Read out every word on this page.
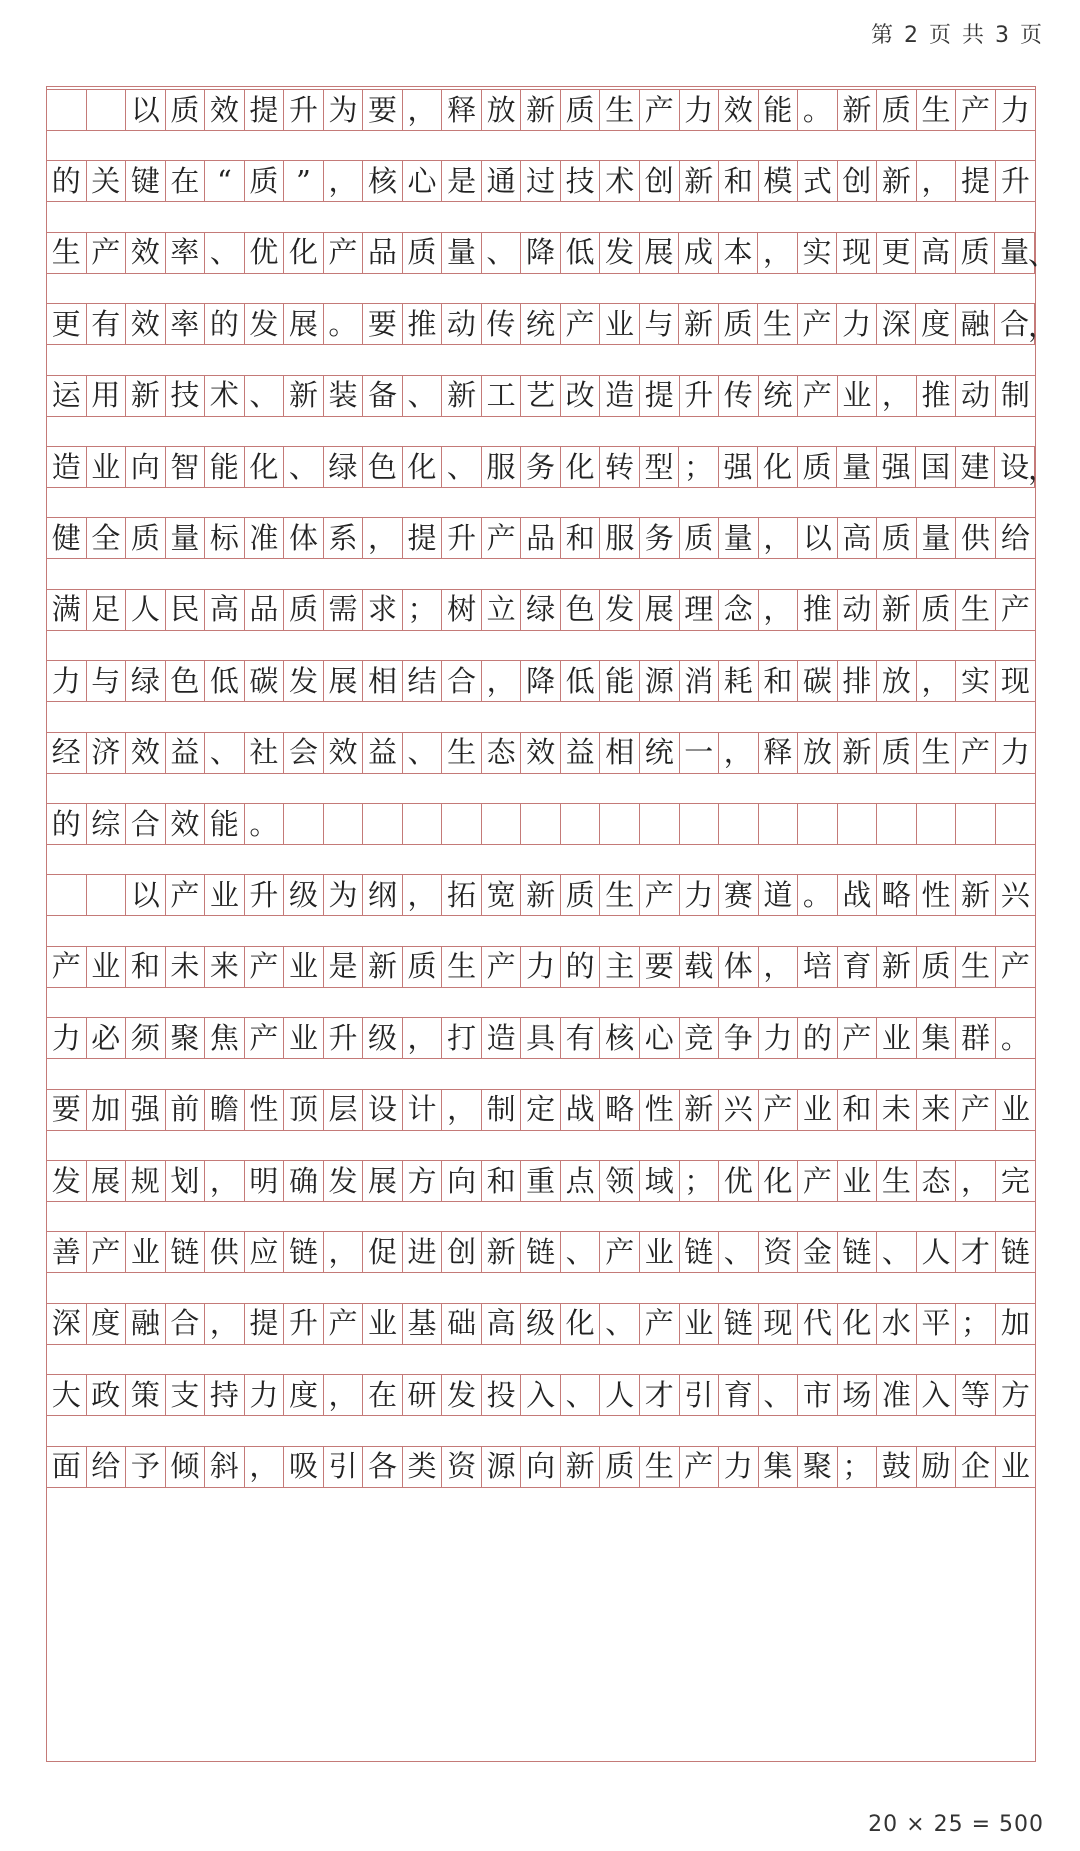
第 2 页 共 3 页
以 质 效 提 升 为 要 ， 释 放 新 质 生 产 力 效 能 。 新 质 生 产 力
的 关 键 在 “ 质 ” ， 核 心 是 通 过 技 术 创 新 和 模 式 创 新 ， 提 升
生 产 效 率 、 优 化 产 品 质 量 、 降 低 发 展 成 本 ， 实 现 更 高 质 量
、
更 有 效 率 的 发 展 。 要 推 动 传 统 产 业 与 新 质 生 产 力 深 度 融 合
，
运 用 新 技 术 、 新 装 备 、 新 工 艺 改 造 提 升 传 统 产 业 ， 推 动 制
造 业 向 智 能 化 、 绿 色 化 、 服 务 化 转 型 ； 强 化 质 量 强 国 建 设
，
健 全 质 量 标 准 体 系 ， 提 升 产 品 和 服 务 质 量 ， 以 高 质 量 供 给
满 足 人 民 高 品 质 需 求 ； 树 立 绿 色 发 展 理 念 ， 推 动 新 质 生 产
力 与 绿 色 低 碳 发 展 相 结 合 ， 降 低 能 源 消 耗 和 碳 排 放 ， 实 现
经 济 效 益 、 社 会 效 益 、 生 态 效 益 相 统 一 ， 释 放 新 质 生 产 力
的 综 合 效 能 。
以 产 业 升 级 为 纲 ， 拓 宽 新 质 生 产 力 赛 道 。 战 略 性 新 兴
产 业 和 未 来 产 业 是 新 质 生 产 力 的 主 要 载 体 ， 培 育 新 质 生 产
力 必 须 聚 焦 产 业 升 级 ， 打 造 具 有 核 心 竞 争 力 的 产 业 集 群 。
要 加 强 前 瞻 性 顶 层 设 计 ， 制 定 战 略 性 新 兴 产 业 和 未 来 产 业
发 展 规 划 ， 明 确 发 展 方 向 和 重 点 领 域 ； 优 化 产 业 生 态 ， 完
善 产 业 链 供 应 链 ， 促 进 创 新 链 、 产 业 链 、 资 金 链 、 人 才 链
深 度 融 合 ， 提 升 产 业 基 础 高 级 化 、 产 业 链 现 代 化 水 平 ； 加
大 政 策 支 持 力 度 ， 在 研 发 投 入 、 人 才 引 育 、 市 场 准 入 等 方
面 给 予 倾 斜 ， 吸 引 各 类 资 源 向 新 质 生 产 力 集 聚 ； 鼓 励 企 业
20 × 25 = 500
